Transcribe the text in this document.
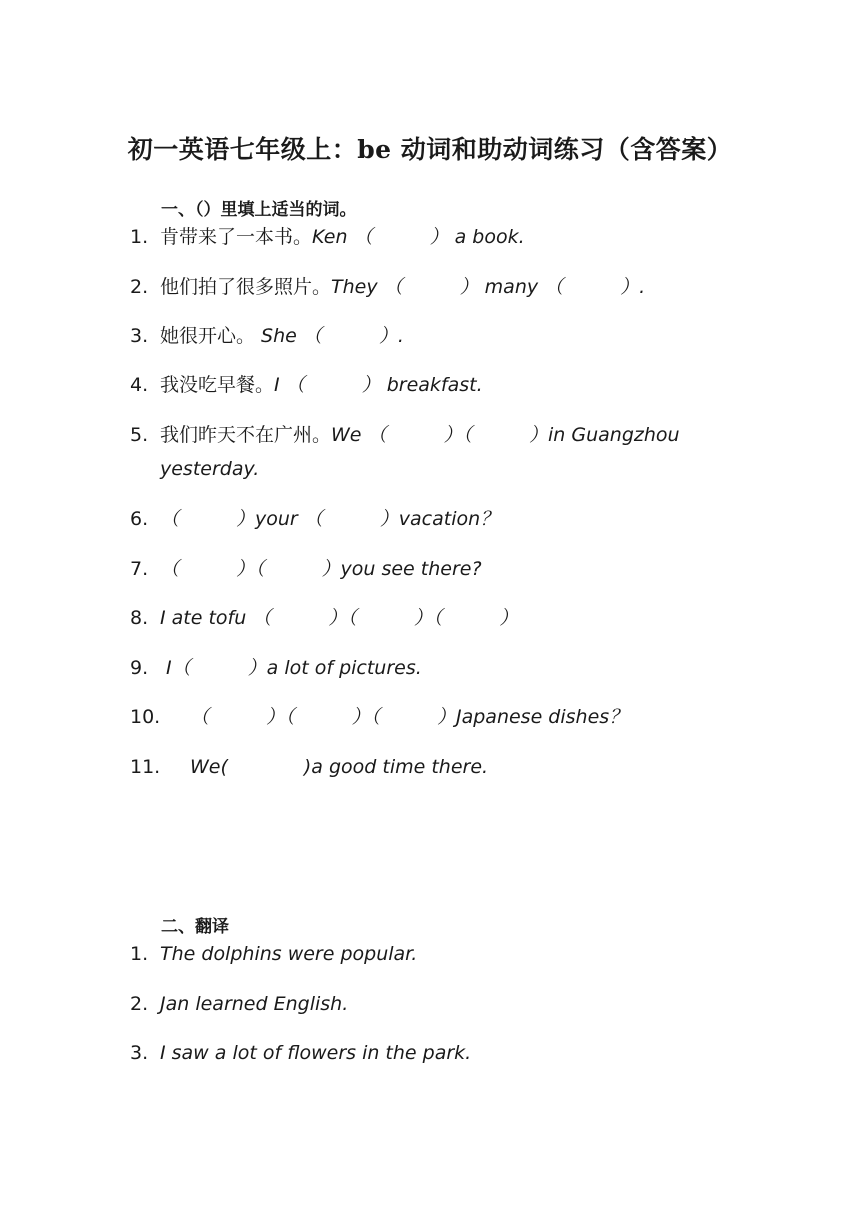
初一英语七年级上：be 动词和助动词练习（含答案）
一、（）里填上适当的词。
1. 肯带来了一本书。Ken （　　　） a book.
2. 他们拍了很多照片。They （　　　） many （　　　）.
3. 她很开心。 She （　　　）.
4. 我没吃早餐。I （　　　） breakfast.
5. 我们昨天不在广州。We （　　　）（　　　）in Guangzhou
yesterday.
6. （　　　）your （　　　）vacation？
7. （　　　）（　　　）you see there?
8. I ate tofu （　　　）（　　　）（　　　）
9. I（　　　）a lot of pictures.
10. （　　　）（　　　）（　　　）Japanese dishes？
11. We(　　　　)a good time there.
二、翻译
1. The dolphins were popular.
2. Jan learned English.
3. I saw a lot of flowers in the park.
